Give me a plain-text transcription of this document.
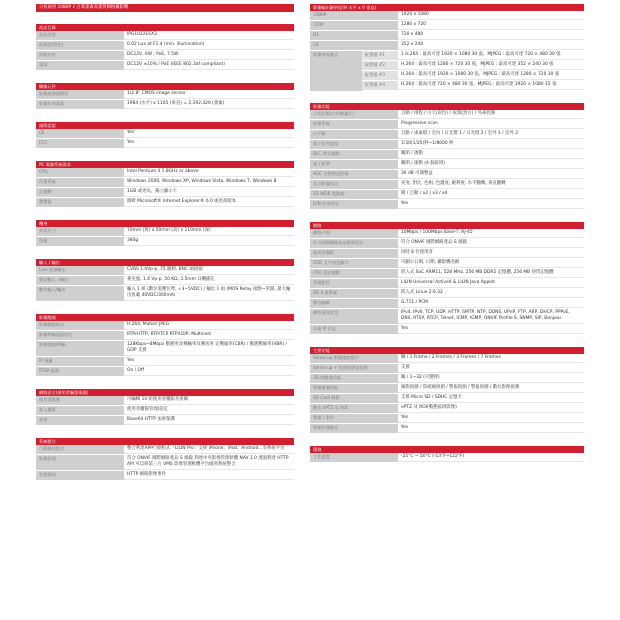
日夜兩用 1080P 2 百萬畫素高畫質網路攝影機
產品目錄
產品型號	IPG1022ESX3
低照度(彩色)	0.02 Lux at F1.4 (min. illumination)
消耗功率	DC12V, 6W ; PoE, 7.5W
電源	DC12V ±10% / PoE (IEEE 802.3af compliant)
攝像元件
影像感測器類型	1/2.8" CMOS image sensor
影像有效畫素	1984 (水平) x 1105 (垂直) = 2,192,320 (畫素)
國際認證
CE	Yes
FCC	Yes
PC 電腦系統需求
CPU	Intel Pentium 4 1.8GHz or above
作業系統	Windows 2000, Windows XP, Windows Vista, Windows 7, Windows 8
記憶體	1GB 或更高，獨立顯示卡
瀏覽器	微軟 Microsoft® Internet Explorer® 6.0 或更高版本
機身
外殼尺寸	70mm (寬) x 50mm (高) x 110mm (深)
重量	380g
輸入 / 輸出
Live 視頻輸出	CVBS 1.0Vp-p, 75 歐姆, BNC 頭接頭
聲音輸入 / 輸出	麥克風, 1.4 Vp-p, 50 KΩ, 3.5mm 耳機插孔
數位輸入/輸出	輸入 1 組 (數位電壓位準, +3~5VDC) / 輸出 1 組 (MOS Relay 接點~常開, 最大輸出負載 40VDC/300mA)
影像壓縮
影像壓縮格式	H.264, Motion JPEG
影像傳輸通訊協定	RTP/HTTP, RTP/TCP RTP/UDP, Multicast
影像壓縮/傳輸	128Kbps~8Mbps 動態更改傳輸率及傳送率 定壓縮率(CBR) / 動態壓縮率(VBR) / GOP 支援
IP 過濾	Yes
RTSP 認證	On / Off
網路安全(使用者驗證保護)
使用者帳號	可編輯 10 組使用者權限及密碼
進入權限	使用者權限管理/設定
加密	Base64 HTTP 加密保護
系統整合
行動應用程式	整合利達APP行動程式「LILIN Pro」支援 iPhone、iPad、Android…等系統平台
影像管理	符合 ONVIF 國際網路產品 S 規範 利達中央影像管理軟體 NAV 1.0 透過利達 HTTP API 可以與第三方 VMS 影像管理軟體平台做到系統整合
智慧通知	HTTP 網路影像事件
影像輸出解析度(H 水平 x V 垂直)
1080P	1920 x 1080
720P	1280 x 720
D1	720 x 480
CIF	352 x 240
影像串流模式	配置檔 #1	1 H.264 : 最高可達 1920 × 1080 30 張，MJPEG : 最高可達 720 × 480 30 張
配置檔 #2	H.264 : 最高可達 1280 × 720 30 張，MJPEG : 最高可達 352 × 240 30 張
配置檔 #3	H.264 : 最高可達 1920 × 1080 30 張，MJPEG : 最高可達 1280 × 720 30 張
配置檔 #4	H.264 : 最高可達 720 × 480 30 張，MJPEG : 最高可達 1920 × 1080 15 張
影像功能
日夜切換(紅外線濾片)	自動 / 排程 / 白天(彩色) / 夜間(黑白) / 外部控制
掃描系統	Progressive scan
白平衡	自動 / 鹵素燈 / 室內 / 日光燈 1 / 日光燈 2 / 室外 1 / 室外 2
電子快門速度	1/30(1/25)秒~1/8000 秒
BLC 背光補償	關閉 / 啟動
電子遮罩	關閉 / 啟動 (4 個區域)
AGC 自動增益控制	36 dB 可調整益
其它影像校正	亮度, 對比, 色相, 色濃度, 銳利度, 水平翻轉, 垂直翻轉
2D WDR 寬動態	開 / 自動 / x2 / x3 / x4
D/N 改善設定	Yes
網路
網路介面	10Mbps / 100Mbps Base-T, RJ-45
符合國際網路產品標準設定	符合 ONVIF 國際網路產品 S 規範
使用者權限	同時 8 位使用者
OSD 文字訊息顯示	可顯示日期, 日期, 攝影機名稱
CPU 及記憶體	嵌入式 SoC ARM11, 528 MHz, 256 MB DDR2 記憶體, 256 MB 快閃記憶體
系統監控	LILIN Universal ActiveX & LILIN Java Applet
OS 作業系統	嵌入式 Linux 2.6.32
聲音編碼	G.711 / PCM
網路通訊協定	IPv4, IPv6, TCP, UDP, HTTP, SMTP, NTP, DDNS, UPnP, FTP, ARP, DHCP, PPPoE, DNS, RTSP, RTCP, Telnet, ICMP, IGMP, ONVIF Profile S, SNMP, SIP, Bonjour
多組 IP 位址	Yes
主要功能
Sense up 影像感度提升	關 / 1 Frame / 2 Frames / 3 Frames / 7 Frames
Sense up + 低照度增益技術	支援
3D 降雜訊功能	關 / 1~32 (可選擇)
警報偵測功能	錄影偵測 / 防破壞偵測 / 警報偵測 / 警報偵測 / 數位影像偵測
SD Card 錄影	支援 Micro SD / SDHC 記憶卡
數位 ePTZ 及 ROI	ePTZ 及 ROI(動態區域影像)
警報 / 事件	Yes
警報位置模式	Yes
環境
工作溫度	-25°C ~ 50°C (-13°F~122°F)
